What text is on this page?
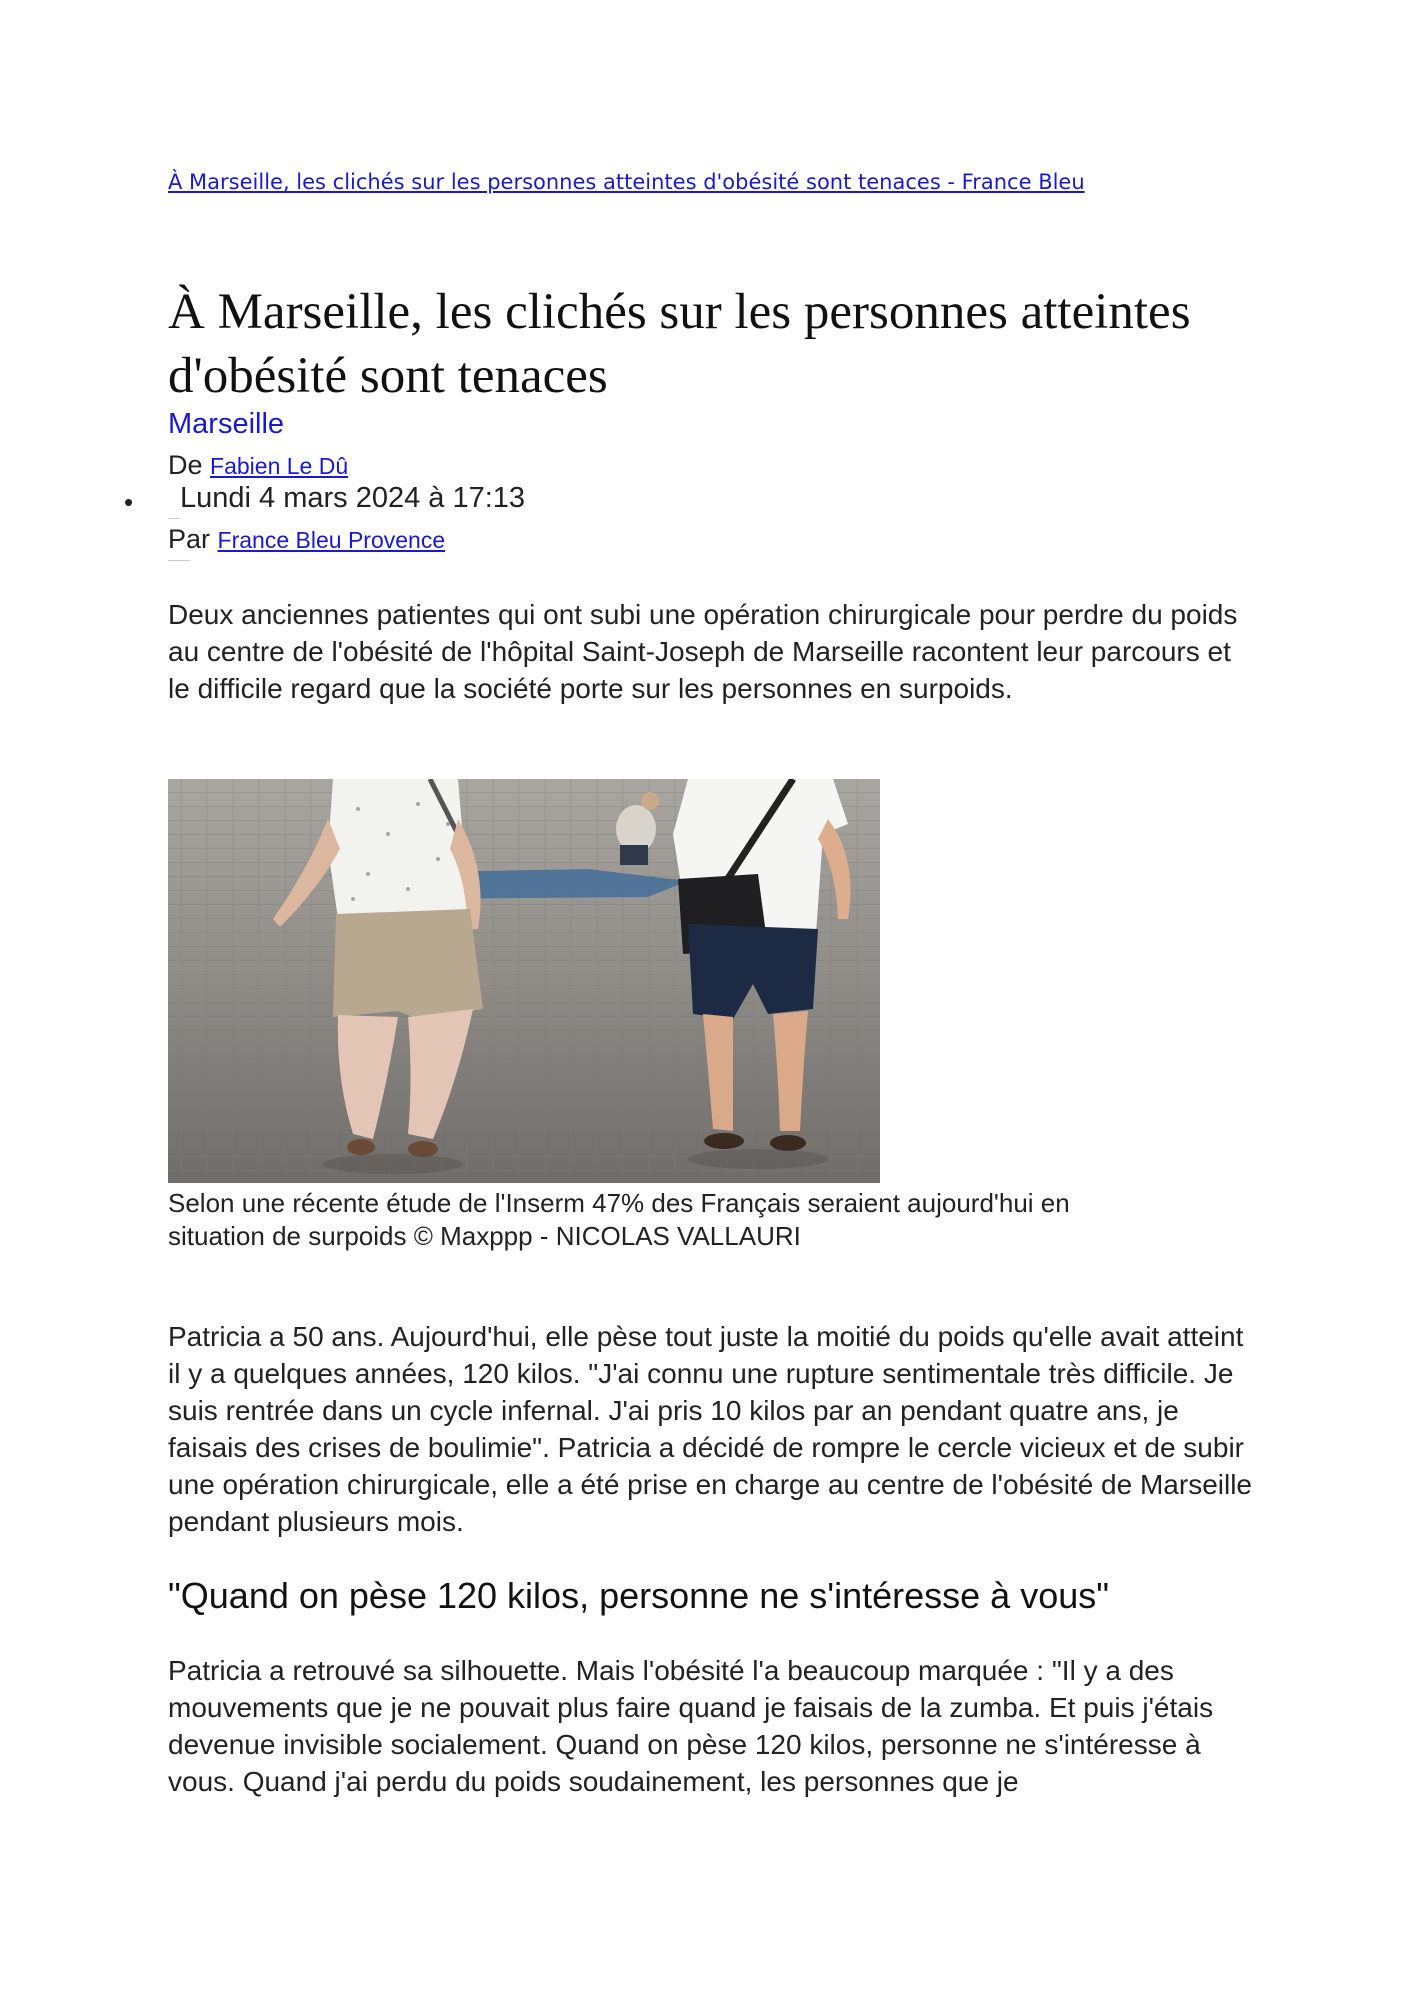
À Marseille, les clichés sur les personnes atteintes d'obésité sont tenaces - France Bleu
À Marseille, les clichés sur les personnes atteintes d'obésité sont tenaces
Marseille
De Fabien Le Dû
• Lundi 4 mars 2024 à 17:13
Par France Bleu Provence

Deux anciennes patientes qui ont subi une opération chirurgicale pour perdre du poids au centre de l'obésité de l'hôpital Saint-Joseph de Marseille racontent leur parcours et le difficile regard que la société porte sur les personnes en surpoids.

Selon une récente étude de l'Inserm 47% des Français seraient aujourd'hui en situation de surpoids © Maxppp - NICOLAS VALLAURI

Patricia a 50 ans. Aujourd'hui, elle pèse tout juste la moitié du poids qu'elle avait atteint il y a quelques années, 120 kilos. "J'ai connu une rupture sentimentale très difficile. Je suis rentrée dans un cycle infernal. J'ai pris 10 kilos par an pendant quatre ans, je faisais des crises de boulimie". Patricia a décidé de rompre le cercle vicieux et de subir une opération chirurgicale, elle a été prise en charge au centre de l'obésité de Marseille pendant plusieurs mois.

"Quand on pèse 120 kilos, personne ne s'intéresse à vous"

Patricia a retrouvé sa silhouette. Mais l'obésité l'a beaucoup marquée : "Il y a des mouvements que je ne pouvait plus faire quand je faisais de la zumba. Et puis j'étais devenue invisible socialement. Quand on pèse 120 kilos, personne ne s'intéresse à vous. Quand j'ai perdu du poids soudainement, les personnes que je
